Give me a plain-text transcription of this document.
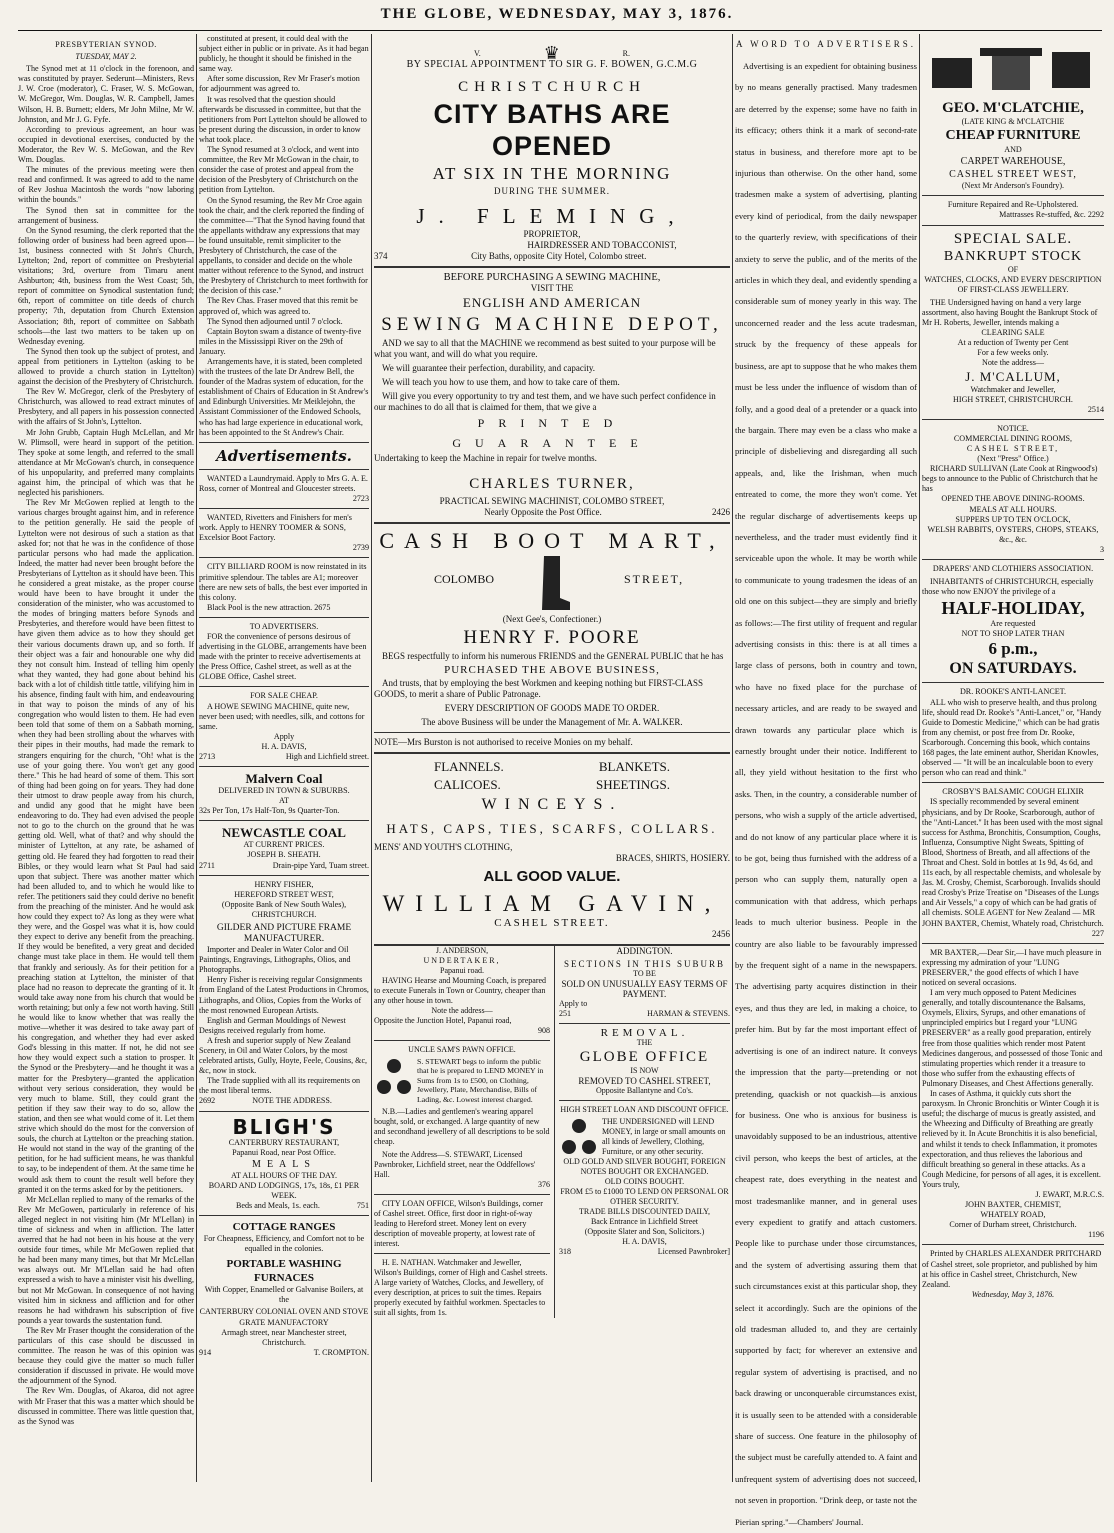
THE GLOBE, WEDNESDAY, MAY 3, 1876.
PRESBYTERIAN SYNOD.
TUESDAY, MAY 2.

The Synod met at 11 o'clock in the forenoon, and was constituted by prayer. Sederunt—Ministers, Revs J. W. Croe (moderator), C. Fraser, W. S. McGowan, W. McGregor, Wm. Douglas, W. R. Campbell, James Wilson, H. B. Burnett; elders, Mr John Milne, Mr W. Johnston, and Mr J. G. Fyfe.

According to previous agreement, an hour was occupied in devotional exercises, conducted by the Moderator, the Rev W. S. McGowan, and the Rev Wm. Douglas.

The minutes of the previous meeting were then read and confirmed. It was agreed to add to the name of Rev Joshua Macintosh the words "now laboring within the bounds."

The Synod then sat in committee for the arrangement of business.

On the Synod resuming, the clerk reported that the following order of business had been agreed upon—1st, business connected with St John's Church, Lyttelton; 2nd, report of committee on Presbyterial visitations; 3rd, overture from Timaru anent Ashburton; 4th, business from the West Coast; 5th, report of committee on Synodical sustentation fund; 6th, report of committee on title deeds of church property; 7th, deputation from Church Extension Association; 8th, report of committee on Sabbath schools—the last two matters to be taken up on Wednesday evening.

The Synod then took up the subject of protest, and appeal from petitioners in Lyttelton (asking to be allowed to provide a church station in Lyttelton) against the decision of the Presbytery of Christchurch.

The Rev W. McGregor, clerk of the Presbytery of Christchurch, was allowed to read extract minutes of Presbytery, and all papers in his possession connected with the affairs of St John's, Lyttelton.

Mr John Grubb, Captain Hugh McLellan, and Mr W. Plimsoll, were heard in support of the petition. They spoke at some length, and referred to the small attendance at Mr McGowan's church, in consequence of his unpopularity, and preferred many complaints against him, the principal of which was that he neglected his parishioners.

The Rev Mr McGowen replied at length to the various charges brought against him, and in reference to the petition generally. He said the people of Lyttelton were not desirous of such a station as that asked for; not that he was in the confidence of those particular persons who had made the application. Indeed, the matter had never been brought before the Presbyterians of Lyttelton as it should have been. This he considered a great mistake, as the proper course would have been to have brought it under the consideration of the minister, who was accustomed to the modes of bringing matters before Synods and Presbyteries, and therefore would have been fittest to have given them advice as to how they should get their various documents drawn up, and so forth. If their object was a fair and honourable one why did they not consult him. Instead of telling him openly what they wanted, they had gone about behind his back with a lot of childish tittle tattle, vilifying him in his absence, finding fault with him, and endeavouring in that way to poison the minds of any of his congregation who would listen to them. He had even been told that some of them on a Sabbath morning, when they had been strolling about the wharves with their pipes in their mouths, had made the remark to strangers enquiring for the church, "Oh! what is the use of your going there. You won't get any good there." This he had heard of some of them. This sort of thing had been going on for years. They had done their utmost to draw people away from his church, and undid any good that he might have been endeavoring to do. They had even advised the people not to go to the church on the ground that he was getting old. Well, what of that? and why should the minister of Lyttelton, at any rate, be ashamed of getting old. He feared they had forgotten to read their Bibles, or they would learn what St Paul had said upon that subject. There was another matter which had been alluded to, and to which he would like to refer. The petitioners said they could derive no benefit from the preaching of the minister. And he would ask how could they expect to? As long as they were what they were, and the Gospel was what it is, how could they expect to derive any benefit from the preaching. If they would be benefited, a very great and decided change must take place in them. He would tell them that frankly and seriously. As for their petition for a preaching station at Lyttelton, the minister of that place had no reason to deprecate the granting of it. It would take away none from his church that would be worth retaining; but only a few not worth having. Still he would like to know whether that was really the motive—whether it was desired to take away part of his congregation, and whether they had ever asked God's blessing in this matter. If not, he did not see how they would expect such a station to prosper. It the Synod or the Presbytery—and he thought it was a matter for the Presbytery—granted the application without very serious consideration, they would be very much to blame. Still, they could grant the petition if they saw their way to do so, allow the station, and then see what would come of it. Let them strive which should do the most for the conversion of souls, the church at Lyttelton or the preaching station. He would not stand in the way of the granting of the petition, for he had sufficient means, he was thankful to say, to be independent of them. At the same time he would ask them to count the result well before they granted it on the terms asked for by the petitioners.

Mr McLellan replied to many of the remarks of the Rev Mr McGowen, particularly in reference of his alleged neglect in not visiting him (Mr M'Lellan) in time of sickness and when in affliction. The latter averred that he had not been in his house at the very outside four times, while Mr McGowen replied that he had been many many times, but that Mr McLellan was always out. Mr M'Lellan said he had often expressed a wish to have a minister visit his dwelling, but not Mr McGowan. In consequence of not having visited him in sickness and affliction and for other reasons he had withdrawn his subscription of five pounds a year towards the sustentation fund.

The Rev Mr Fraser thought the consideration of the particulars of this case should be discussed in committee. The reason he was of this opinion was because they could give the matter so much fuller consideration if discussed in private. He would move the adjournment of the Synod.

The Rev Wm. Douglas, of Akaroa, did not agree with Mr Fraser that this was a matter which should be discussed in committee. There was little question that, as the Synod was

constituted at present, it could deal with the subject either in public or in private. As it had began publicly, he thought it should be finished in the same way.

After some discussion, Rev Mr Fraser's motion for adjournment was agreed to.

It was resolved that the question should afterwards be discussed in committee, but that the petitioners from Port Lyttelton should be allowed to be present during the discussion, in order to know what took place.

The Synod resumed at 3 o'clock, and went into committee, the Rev Mr McGowan in the chair, to consider the case of protest and appeal from the decision of the Presbytery of Christchurch on the petition from Lyttelton.

On the Synod resuming, the Rev Mr Croe again took the chair, and the clerk reported the finding of the committee—"That the Synod having found that the appellants withdraw any expressions that may be found unsuitable, remit simpliciter to the Presbytery of Christchurch, the case of the appellants, to consider and decide on the whole matter without reference to the Synod, and instruct the Presbytery of Christchurch to meet forthwith for the decision of this case."

The Rev Chas. Fraser moved that this remit be approved of, which was agreed to.

The Synod then adjourned until 7 o'clock.

Captain Boyton swam a distance of twenty-five miles in the Mississippi River on the 29th of January.

Arrangements have, it is stated, been completed with the trustees of the late Dr Andrew Bell, the founder of the Madras system of education, for the establishment of Chairs of Education in St Andrew's and Edinburgh Universities. Mr Meiklejohn, the Assistant Commissioner of the Endowed Schools, who has had large experience in educational work, has been appointed to the St Andrew's Chair.

Advertisements.

WANTED a Laundrymaid. Apply to Mrs G. A. E. Ross, corner of Montreal and Gloucester streets.

2723

WANTED, Rivetters and Finishers for men's work. Apply to HENRY TOOMER & SONS, Excelsior Boot Factory.

2739

CITY BILLIARD ROOM is now reinstated in its primitive splendour. The tables are A1; moreover there are new sets of balls, the best ever imported in this colony.

Black Pool is the new attraction. 2675
TO ADVERTISERS.

FOR the convenience of persons desirous of advertising in the GLOBE, arrangements have been made with the printer to receive advertisements at the Press Office, Cashel street, as well as at the GLOBE Office, Cashel street.

FOR SALE CHEAP.

A HOWE SEWING MACHINE, quite new, never been used; with needles, silk, and cottons for same.

Apply
H. A. DAVIS,
2713	High and Lichfield street.
Malvern Coal
DELIVERED IN TOWN & SUBURBS.
AT
32s Per Ton, 17s Half-Ton, 9s Quarter-Ton.
NEWCASTLE COAL
AT CURRENT PRICES.
JOSEPH B. SHEATH.
2711	Drain-pipe Yard, Tuam street.
HENRY FISHER,
HEREFORD STREET WEST,
(Opposite Bank of New South Wales),
CHRISTCHURCH.
GILDER AND PICTURE FRAME MANUFACTURER.

Importer and Dealer in Water Color and Oil Paintings, Engravings, Lithographs, Olios, and Photographs.

Henry Fisher is receiving regular Consignments from England of the Latest Productions in Chromos, Lithographs, and Olios, Copies from the Works of the most renowned European Artists.

English and German Mouldings of Newest Designs received regularly from home.

A fresh and superior supply of New Zealand Scenery, in Oil and Water Colors, by the most celebrated artists, Gully, Hoyte, Feele, Cousins, &c, &c, now in stock.

The Trade supplied with all its requirements on the most liberal terms.

2692	NOTE THE ADDRESS.
BLIGH'S
CANTERBURY RESTAURANT,
Papanui Road, near Post Office.
MEALS
AT ALL HOURS OF THE DAY.
BOARD AND LODGINGS, 17s, 18s, £1 PER WEEK.
Beds and Meals, 1s. each.	751
COTTAGE RANGES
For Cheapness, Efficiency, and Comfort not to be equalled in the colonies.
PORTABLE WASHING FURNACES
With Copper, Enamelled or Galvanise Boilers, at the
CANTERBURY COLONIAL OVEN AND STOVE GRATE MANUFACTORY
Armagh street, near Manchester street, Christchurch.
914	T. CROMPTON.
V.	♛	R.
BY SPECIAL APPOINTMENT TO SIR G. F. BOWEN, G.C.M.G
CHRISTCHURCH
CITY BATHS ARE OPENED
AT SIX IN THE MORNING
DURING THE SUMMER.
J. FLEMING,
PROPRIETOR,
HAIRDRESSER AND TOBACCONIST,
374	City Baths, opposite City Hotel, Colombo street.
BEFORE PURCHASING A SEWING MACHINE,
VISIT THE
ENGLISH AND AMERICAN
SEWING MACHINE DEPOT,

AND we say to all that the MACHINE we recommend as best suited to your purpose will be what you want, and will do what you require.

We will guarantee their perfection, durability, and capacity.

We will teach you how to use them, and how to take care of them.

Will give you every opportunity to try and test them, and we have such perfect confidence in our machines to do all that is claimed for them, that we give a

PRINTED GUARANTEE
Undertaking to keep the Machine in repair for twelve months.
CHARLES TURNER,
PRACTICAL SEWING MACHINIST, COLOMBO STREET,
Nearly Opposite the Post Office.	2426
CASH BOOT MART,
COLOMBO	STREET,
(Next Gee's, Confectioner.)
HENRY F. POORE

BEGS respectfully to inform his numerous FRIENDS and the GENERAL PUBLIC that he has

PURCHASED THE ABOVE BUSINESS,

And trusts, that by employing the best Workmen and keeping nothing but FIRST-CLASS GOODS, to merit a share of Public Patronage.

EVERY DESCRIPTION OF GOODS MADE TO ORDER.
The above Business will be under the Management of Mr. A. WALKER.
NOTE—Mrs Burston is not authorised to receive Monies on my behalf.
FLANNELS.	BLANKETS.
CALICOES.	SHEETINGS.
WINCEYS.
HATS, CAPS, TIES, SCARFS, COLLARS.
MENS' AND YOUTH'S CLOTHING,
BRACES, SHIRTS, HOSIERY.
ALL GOOD VALUE.
WILLIAM GAVIN,
CASHEL STREET.
2456
J. ANDERSON,
UNDERTAKER,
Papanui road.

HAVING Hearse and Mourning Coach, is prepared to execute Funerals in Town or Country, cheaper than any other house in town.

Note the address—
Opposite the Junction Hotel, Papanui road,
908
UNCLE SAM'S PAWN OFFICE.
S. STEWART begs to inform the public that he is prepared to LEND MONEY in Sums from 1s to £500, on Clothing, Jewellery, Plate, Merchandise, Bills of Lading, &c. Lowest interest charged.

N.B.—Ladies and gentlemen's wearing apparel bought, sold, or exchanged. A large quantity of new and secondhand jewellery of all descriptions to be sold cheap.

Note the Address—S. STEWART, Licensed Pawnbroker, Lichfield street, near the Oddfellows' Hall.

376

CITY LOAN OFFICE, Wilson's Buildings, corner of Cashel street. Office, first door in right-of-way leading to Hereford street. Money lent on every description of moveable property, at lowest rate of interest.

H. E. NATHAN. Watchmaker and Jeweller, Wilson's Buildings, corner of High and Cashel streets. A large variety of Watches, Clocks, and Jewellery, of every description, at prices to suit the times. Repairs properly executed by faithful workmen. Spectacles to suit all sights, from 1s.

ADDINGTON.
SECTIONS IN THIS SUBURB
TO BE
SOLD ON UNUSUALLY EASY TERMS OF PAYMENT.
Apply to
251	HARMAN & STEVENS.
REMOVAL.
THE
GLOBE OFFICE
IS NOW
REMOVED TO CASHEL STREET,
Opposite Ballantyne and Co's.
HIGH STREET LOAN AND DISCOUNT OFFICE.
THE UNDERSIGNED will LEND MONEY, in large or small amounts on all kinds of Jewellery, Clothing, Furniture, or any other security.
OLD GOLD AND SILVER BOUGHT, FOREIGN NOTES BOUGHT OR EXCHANGED.
OLD COINS BOUGHT.
FROM £5 to £1000 TO LEND ON PERSONAL OR OTHER SECURITY.
TRADE BILLS DISCOUNTED DAILY,
Back Entrance in Lichfield Street
(Opposite Slater and Son, Solicitors.)
H. A. DAVIS,
318	Licensed Pawnbroker]
A WORD TO ADVERTISERS.

Advertising is an expedient for obtaining business by no means generally practised. Many tradesmen are deterred by the expense; some have no faith in its efficacy; others think it a mark of second-rate status in business, and therefore more apt to be injurious than otherwise. On the other hand, some tradesmen make a system of advertising, planting every kind of periodical, from the daily newspaper to the quarterly review, with specifications of their anxiety to serve the public, and of the merits of the articles in which they deal, and evidently spending a considerable sum of money yearly in this way. The unconcerned reader and the less acute tradesman, struck by the frequency of these appeals for business, are apt to suppose that he who makes them must be less under the influence of wisdom than of folly, and a good deal of a pretender or a quack into the bargain. There may even be a class who make a principle of disbelieving and disregarding all such appeals, and, like the Irishman, when much entreated to come, the more they won't come. Yet the regular discharge of advertisements keeps up nevertheless, and the trader must evidently find it serviceable upon the whole. It may be worth while to communicate to young tradesmen the ideas of an old one on this subject—they are simply and briefly as follows:—The first utility of frequent and regular advertising consists in this: there is at all times a large class of persons, both in country and town, who have no fixed place for the purchase of necessary articles, and are ready to be swayed and drawn towards any particular place which is earnestly brought under their notice. Indifferent to all, they yield without hesitation to the first who asks. Then, in the country, a considerable number of persons, who wish a supply of the article advertised, and do not know of any particular place where it is to be got, being thus furnished with the address of a person who can supply them, naturally open a communication with that address, which perhaps leads to much ulterior business. People in the country are also liable to be favourably impressed by the frequent sight of a name in the newspapers. The advertising party acquires distinction in their eyes, and thus they are led, in making a choice, to prefer him. But by far the most important effect of advertising is one of an indirect nature. It conveys the impression that the party—pretending or not pretending, quackish or not quackish—is anxious for business. One who is anxious for business is unavoidably supposed to be an industrious, attentive civil person, who keeps the best of articles, at the cheapest rate, does everything in the neatest and most tradesmanlike manner, and in general uses every expedient to gratify and attach customers. People like to purchase under those circumstances, and the system of advertising assuring them that such circumstances exist at this particular shop, they select it accordingly. Such are the opinions of the old tradesman alluded to, and they are certainly supported by fact; for wherever an extensive and regular system of advertising is practised, and no back drawing or unconquerable circumstances exist, it is usually seen to be attended with a considerable share of success. One feature in the philosophy of the subject must be carefully attended to. A faint and unfrequent system of advertising does not succeed, not seven in proportion. "Drink deep, or taste not the Pierian spring."—Chambers' Journal.

GEO. M'CLATCHIE,
(LATE KING & M'CLATCHIE
CHEAP FURNITURE
AND
CARPET WAREHOUSE,
CASHEL STREET WEST,
(Next Mr Anderson's Foundry).
Furniture Repaired and Re-Upholstered.
Mattrasses Re-stuffed, &c. 2292
SPECIAL SALE.
BANKRUPT STOCK
OF
WATCHES, CLOCKS, AND EVERY DESCRIPTION OF FIRST-CLASS JEWELLERY.

THE Undersigned having on hand a very large assortment, also having Bought the Bankrupt Stock of Mr H. Roberts, Jeweller, intends making a

CLEARING SALE
At a reduction of Twenty per Cent
For a few weeks only.
Note the address—
J. M'CALLUM,
Watchmaker and Jeweller,
HIGH STREET, CHRISTCHURCH.
2514
NOTICE.
COMMERCIAL DINING ROOMS,
CASHEL STREET,
(Next "Press" Office.)

RICHARD SULLIVAN (Late Cook at Ringwood's) begs to announce to the Public of Christchurch that he has

OPENED THE ABOVE DINING-ROOMS.
MEALS AT ALL HOURS.
SUPPERS UP TO TEN O'CLOCK,
WELSH RABBITS, OYSTERS, CHOPS, STEAKS, &c., &c.
3
DRAPERS' AND CLOTHIERS ASSOCIATION.

INHABITANTS of CHRISTCHURCH, especially those who now ENJOY the privilege of a

HALF-HOLIDAY,
Are requested
NOT TO SHOP LATER THAN
6 p.m.,
ON SATURDAYS.
DR. ROOKE'S ANTI-LANCET.

ALL who wish to preserve health, and thus prolong life, should read Dr. Rooke's "Anti-Lancet," or, "Handy Guide to Domestic Medicine," which can be had gratis from any chemist, or post free from Dr. Rooke, Scarborough. Concerning this book, which contains 168 pages, the late eminent author, Sheridan Knowles, observed — "It will be an incalculable boon to every person who can read and think."

CROSBY'S BALSAMIC COUGH ELIXIR

IS specially recommended by several eminent physicians, and by Dr Rooke, Scarborough, author of the "Anti-Lancet." It has been used with the most signal success for Asthma, Bronchitis, Consumption, Coughs, Influenza, Consumptive Night Sweats, Spitting of Blood, Shortness of Breath, and all affections of the Throat and Chest. Sold in bottles at 1s 9d, 4s 6d, and 11s each, by all respectable chemists, and wholesale by Jas. M. Crosby, Chemist, Scarborough. Invalids should read Crosby's Prize Treatise on "Diseases of the Lungs and Air Vessels," a copy of which can be had gratis of all chemists. SOLE AGENT for New Zealand — MR JOHN BAXTER, Chemist, Whately road, Christchurch.

227

MR BAXTER,—Dear Sir,—I have much pleasure in expressing my admiration of your "LUNG PRESERVER," the good effects of which I have noticed on several occasions.

I am very much opposed to Patent Medicines generally, and totally discountenance the Balsams, Oxymels, Elixirs, Syrups, and other emanations of unprincipled empirics but I regard your "LUNG PRESERVER" as a really good preparation, entirely free from those qualities which render most Patent Medicines dangerous, and possessed of those Tonic and stimulating properties which render it a treasure to those who suffer from the exhausting effects of Pulmonary Diseases, and Chest Affections generally.

In cases of Asthma, it quickly cuts short the paroxysm. In Chronic Bronchitis or Winter Cough it is useful; the discharge of mucus is greatly assisted, and the Wheezing and Difficulty of Breathing are greatly relieved by it. In Acute Bronchitis it is also beneficial, and whilst it tends to check Inflammation, it promotes expectoration, and thus relieves the laborious and difficult breathing so general in these attacks. As a Cough Medicine, for persons of all ages, it is excellent. Yours truly,

J. EWART, M.R.C.S.
JOHN BAXTER, CHEMIST,
WHATELY ROAD,
Corner of Durham street, Christchurch.
1196

Printed by CHARLES ALEXANDER PRITCHARD of Cashel street, sole proprietor, and published by him at his office in Cashel street, Christchurch, New Zealand.

Wednesday, May 3, 1876.
